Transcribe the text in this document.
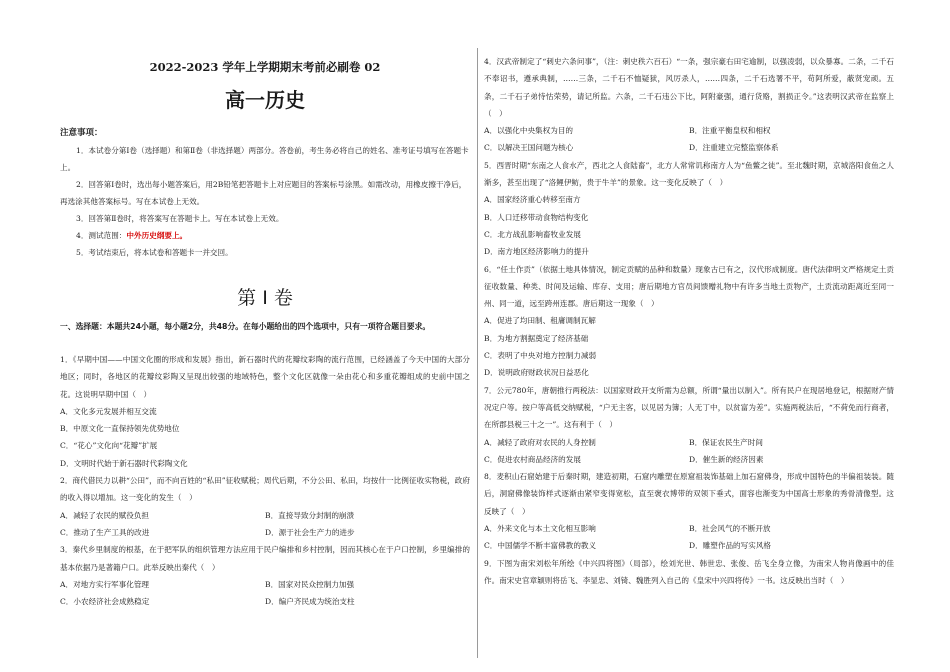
2022-2023 学年上学期期末考前必刷卷 02
高一历史
注意事项：

1．本试卷分第Ⅰ卷（选择题）和第Ⅱ卷（非选择题）两部分。答卷前，考生务必将自己的姓名、准考证号填写在答题卡上。

2．回答第Ⅰ卷时，选出每小题答案后，用2B铅笔把答题卡上对应题目的答案标号涂黑。如需改动，用橡皮擦干净后，再选涂其他答案标号。写在本试卷上无效。

3．回答第Ⅱ卷时，将答案写在答题卡上。写在本试卷上无效。

4．测试范围：中外历史纲要上。

5．考试结束后，将本试卷和答题卡一并交回。

第 I 卷
一、选择题：本题共24小题，每小题2分，共48分。在每小题给出的四个选项中，只有一项符合题目要求。
1．《早期中国——中国文化圈的形成和发展》指出，新石器时代的花瓣纹彩陶的流行范围，已经涵盖了今天中国的大部分地区；同时，各地区的花瓣纹彩陶又呈现出较强的地域特色，整个文化区就像一朵由花心和多重花瓣组成的史前中国之花。这说明早期中国（　）
A．文化多元发展并相互交流
B．中原文化一直保持领先优势地位
C．“花心”文化向“花瓣”扩展
D．文明时代始于新石器时代彩陶文化
2．商代借民力以耕“公田”，而不向百姓的“私田”征收赋税；周代后期，不分公田、私田，均按什一比例征收实物税，政府的收入得以增加。这一变化的发生（　）
A．减轻了农民的赋役负担	B．直接导致分封制的崩溃
C．推动了生产工具的改进	D．源于社会生产力的进步
3．秦代乡里制度的根基，在于把军队的组织管理方法应用于民户编排和乡村控制，因而其核心在于户口控制，乡里编排的基本依据乃是著籍户口。此举反映出秦代（　）
A．对地方实行军事化管理	B．国家对民众控制力加强
C．小农经济社会成熟稳定	D．编户齐民成为统治支柱
4．汉武帝制定了“刺史六条问事”，（注：刺史秩六百石）“一条，强宗豪右田宅逾制，以强凌弱，以众暴寡。二条，二千石不奉诏书，遵承典制，……三条，二千石不恤疑狱，风厉杀人，……四条，二千石选署不平，苟阿所爱，蔽贤宠顽。五条，二千石子弟恃怙荣势，请记所监。六条，二千石违公下比，阿附豪强，通行货赂，割损正令。”这表明汉武帝在监察上（　）
A．以强化中央集权为目的	B．注重平衡皇权和相权
C．以解决王国问题为核心	D．注重建立完整监察体系
5．西晋时期“东南之人食水产，西北之人食陆畜”，北方人常常讥称南方人为“鱼鳖之徒”。至北魏时期，京城洛阳食鱼之人渐多，甚至出现了“洛鲤伊鲂，贵于牛羊”的景象。这一变化反映了（　）
A．国家经济重心转移至南方
B．人口迁移带动食物结构变化
C．北方战乱影响畜牧业发展
D．南方地区经济影响力的提升
6．“任土作贡”（依据土地具体情况，制定贡赋的品种和数量）现象古已有之，汉代形成制度。唐代法律明文严格规定土贡征收数量、种类、时间及运输、库存、支用；唐后期地方官员间馈赠礼物中有许多当地土贡物产，土贡流动距离近至同一州、同一道，远至跨州连郡。唐后期这一现象（　）
A．促进了均田制、租庸调制瓦解
B．为地方割据奠定了经济基础
C．表明了中央对地方控制力减弱
D．说明政府财政状况日益恶化
7．公元780年，唐朝推行两税法：以国家财政开支所需为总额，所谓“量出以制入”。所有民户在现居地登记，根据财产情况定户等。按户等高低交纳赋税，“户无主客，以见居为簿；人无丁中，以贫富为差”。实施两税法后，“不荷免而行商者，在所郡县税三十之一”。这有利于（　）
A．减轻了政府对农民的人身控制	B．保证农民生产时间
C．促进农村商品经济的发展	D．催生新的经济因素
8．麦积山石窟始建于后秦时期，建造初期，石窟内雕塑在原窟祖装饰基础上加石窟佛身，形成中国特色的半偏祖装装。随后，洞窟佛像装饰样式逐渐由紧窄变得宽松，直至褒衣博带的双领下垂式，面容也渐变为中国高士形象的秀骨清像型。这反映了（　）
A．外来文化与本土文化相互影响	B．社会风气的不断开放
C．中国儒学不断丰富佛教的教义	D．雕塑作品的写实风格
9．下图为南宋刘松年所绘《中兴四将图》（局部），绘刘光世、韩世忠、张俊、岳飞全身立像，为南宋人物肖像画中的佳作。南宋史官章颖则将岳飞、李显忠、刘锜、魏胜列入自己的《皇宋中兴四将传》一书。这反映出当时（　）
